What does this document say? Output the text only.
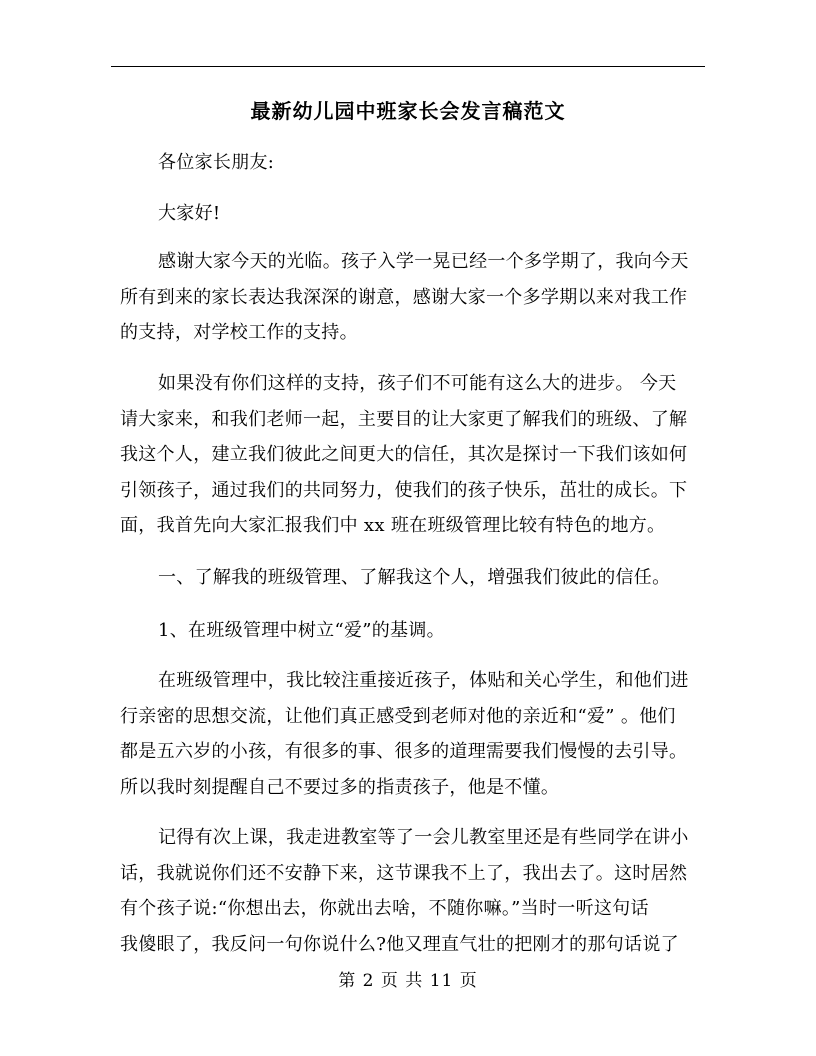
最新幼儿园中班家长会发言稿范文
各位家长朋友:
大家好!
感谢大家今天的光临。孩子入学一晃已经一个多学期了，我向今天
所有到来的家长表达我深深的谢意，感谢大家一个多学期以来对我工作
的支持，对学校工作的支持。
如果没有你们这样的支持，孩子们不可能有这么大的进步。 今天
请大家来，和我们老师一起，主要目的让大家更了解我们的班级、了解
我这个人，建立我们彼此之间更大的信任，其次是探讨一下我们该如何
引领孩子，通过我们的共同努力，使我们的孩子快乐，茁壮的成长。下
面，我首先向大家汇报我们中 xx 班在班级管理比较有特色的地方。
一、了解我的班级管理、了解我这个人，增强我们彼此的信任。
1、在班级管理中树立“爱”的基调。
在班级管理中，我比较注重接近孩子，体贴和关心学生，和他们进
行亲密的思想交流，让他们真正感受到老师对他的亲近和“爱” 。他们
都是五六岁的小孩，有很多的事、很多的道理需要我们慢慢的去引导。
所以我时刻提醒自己不要过多的指责孩子，他是不懂。
记得有次上课，我走进教室等了一会儿教室里还是有些同学在讲小
话，我就说你们还不安静下来，这节课我不上了，我出去了。这时居然
有个孩子说:“你想出去，你就出去啥，不随你嘛。”当时一听这句话
我傻眼了，我反问一句你说什么?他又理直气壮的把刚才的那句话说了
第 2 页 共 11 页
